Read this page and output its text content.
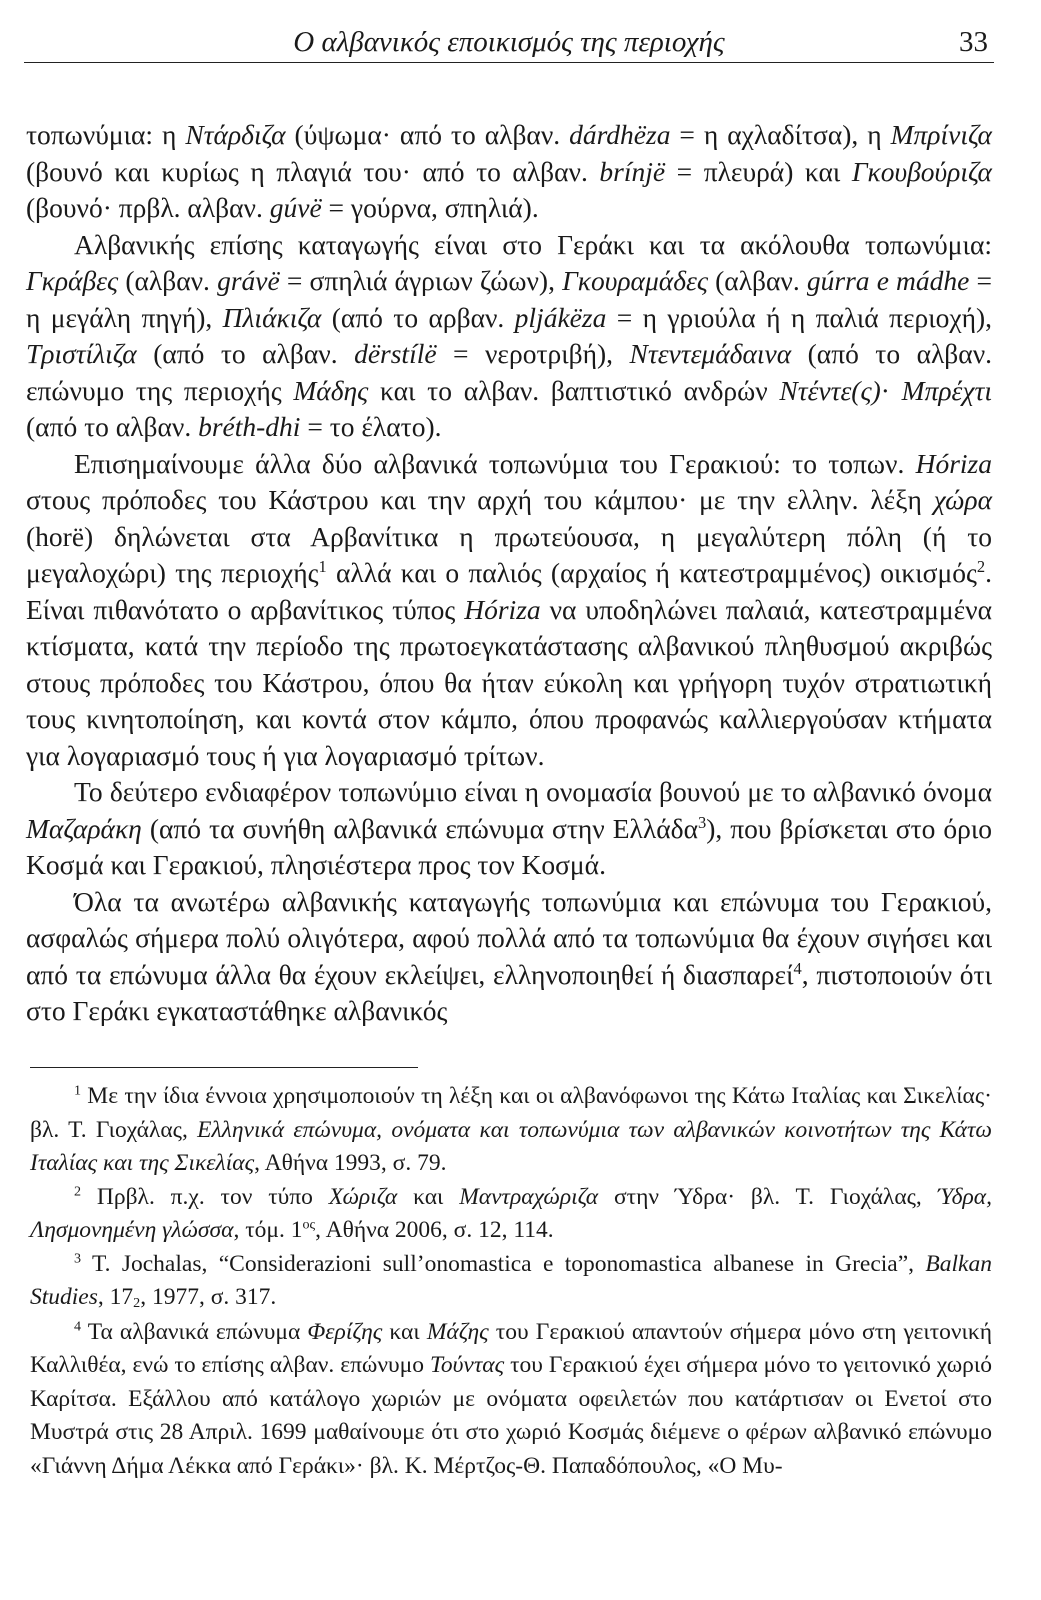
Ο αλβανικός εποικισμός της περιοχής	33

τοπωνύμια: η Ντάρδιζα (ύψωμα· από το αλβαν. dárdhëza = η αχλαδίτσα), η Μπρίνιζα (βουνό και κυρίως η πλαγιά του· από το αλβαν. brínjë = πλευρά) και Γκουβούριζα (βουνό· πρβλ. αλβαν. gúvë = γούρνα, σπηλιά).

Αλβανικής επίσης καταγωγής είναι στο Γεράκι και τα ακόλουθα τοπωνύμια: Γκράβες (αλβαν. grávë = σπηλιά άγριων ζώων), Γκουραμάδες (αλβαν. gúrra e mádhe = η μεγάλη πηγή), Πλιάκιζα (από το αρβαν. pljákëza = η γριούλα ή η παλιά περιοχή), Τριστίλιζα (από το αλβαν. dërstílë = νεροτριβή), Ντεντεμάδαινα (από το αλβαν. επώνυμο της περιοχής Μάδης και το αλβαν. βαπτιστικό ανδρών Ντέντε(ς)· Μπρέχτι (από το αλβαν. bréth-dhi = το έλατο).

Επισημαίνουμε άλλα δύο αλβανικά τοπωνύμια του Γερακιού: το τοπων. Hóriza στους πρόποδες του Κάστρου και την αρχή του κάμπου· με την ελλην. λέξη χώρα (horë) δηλώνεται στα Αρβανίτικα η πρωτεύουσα, η μεγαλύτερη πόλη (ή το μεγαλοχώρι) της περιοχής$^1$ αλλά και ο παλιός (αρχαίος ή κατεστραμμένος) οικισμός$^2$. Είναι πιθανότατο ο αρβανίτικος τύπος Hóriza να υποδηλώνει παλαιά, κατεστραμμένα κτίσματα, κατά την περίοδο της πρωτοεγκατάστασης αλβανικού πληθυσμού ακριβώς στους πρόποδες του Κάστρου, όπου θα ήταν εύκολη και γρήγορη τυχόν στρατιωτική τους κινητοποίηση, και κοντά στον κάμπο, όπου προφανώς καλλιεργούσαν κτήματα για λογαριασμό τους ή για λογαριασμό τρίτων.

Το δεύτερο ενδιαφέρον τοπωνύμιο είναι η ονομασία βουνού με το αλβανικό όνομα Μαζαράκη (από τα συνήθη αλβανικά επώνυμα στην Ελλάδα$^3$), που βρίσκεται στο όριο Κοσμά και Γερακιού, πλησιέστερα προς τον Κοσμά.

Όλα τα ανωτέρω αλβανικής καταγωγής τοπωνύμια και επώνυμα του Γερακιού, ασφαλώς σήμερα πολύ ολιγότερα, αφού πολλά από τα τοπωνύμια θα έχουν σιγήσει και από τα επώνυμα άλλα θα έχουν εκλείψει, ελληνοποιηθεί ή διασπαρεί$^4$, πιστοποιούν ότι στο Γεράκι εγκαταστάθηκε αλβανικός

$^1$ Με την ίδια έννοια χρησιμοποιούν τη λέξη και οι αλβανόφωνοι της Κάτω Ιταλίας και Σικελίας· βλ. Τ. Γιοχάλας, Ελληνικά επώνυμα, ονόματα και τοπωνύμια των αλβανικών κοινοτήτων της Κάτω Ιταλίας και της Σικελίας, Αθήνα 1993, σ. 79.

$^2$ Πρβλ. π.χ. τον τύπο Χώριζα και Μαντραχώριζα στην Ύδρα· βλ. Τ. Γιοχάλας, Ύδρα, Λησμονημένη γλώσσα, τόμ. $1^{o\varsigma}$, Αθήνα 2006, σ. 12, 114.

$^3$ T. Jochalas, “Considerazioni sull’onomastica e toponomastica albanese in Grecia”, Balkan Studies, $17_2$, 1977, σ. 317.

$^4$ Τα αλβανικά επώνυμα Φερίζης και Μάζης του Γερακιού απαντούν σήμερα μόνο στη γειτονική Καλλιθέα, ενώ το επίσης αλβαν. επώνυμο Τούντας του Γερακιού έχει σήμερα μόνο το γειτονικό χωριό Καρίτσα. Εξάλλου από κατάλογο χωριών με ονόματα οφειλετών που κατάρτισαν οι Ενετοί στο Μυστρά στις 28 Απριλ. 1699 μαθαίνουμε ότι στο χωριό Κοσμάς διέμενε ο φέρων αλβανικό επώνυμο «Γιάννη Δήμα Λέκκα από Γεράκι»· βλ. Κ. Μέρτζος-Θ. Παπαδόπουλος, «Ο Μυ-
